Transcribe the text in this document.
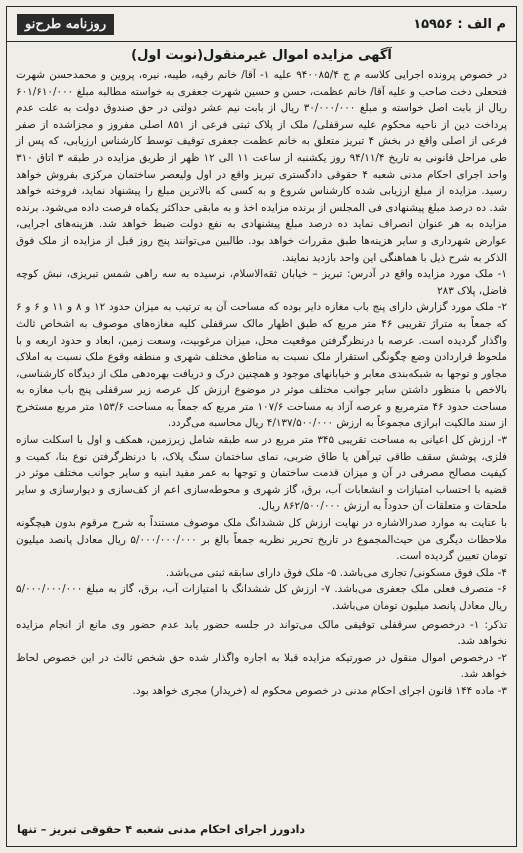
م الف : ۱۵۹۵۶
روزنامه طرح‌نو
آگهی مزایده اموال غیرمنقول(نوبت اول)

در خصوص پرونده اجرایی کلاسه م ج ۹۴۰۰۸۵/۴ علیه ۱- آقا/ خانم رقیه، طیبه، نیره، پروین و محمدحسن شهرت فتحعلی دخت صاحب و علیه آقا/ خانم عظمت، حسن و حسین شهرت جعفری به خواسته مطالبه مبلغ ۶۰۱/۶۱۰/۰۰۰ ریال از بابت اصل خواسته و مبلغ ۳۰/۰۰۰/۰۰۰ ریال از بابت نیم عشر دولتی در حق صندوق دولت به علت عدم پرداخت دین از ناحیه محکوم علیه سرقفلی/ ملک از پلاک ثبتی فرعی از ۸۵۱ اصلی مفروز و مجزاشده از صفر فرعی از اصلی واقع در بخش ۴ تبریز متعلق به خانم عظمت جعفری توقیف توسط کارشناس ارزیابی، که پس از طی مراحل قانونی به تاریخ ۹۴/۱۱/۴ روز یکشنبه از ساعت ۱۱ الی ۱۲ ظهر از طریق مزایده در طبقه ۳ اتاق ۳۱۰ واحد اجرای احکام مدنی شعبه ۴ حقوقی دادگستری تبریز واقع در اول ولیعصر ساختمان مرکزی بفروش خواهد رسید. مزایده از مبلغ ارزیابی شده کارشناس شروع و به کسی که بالاترین مبلغ را پیشنهاد نماید، فروخته خواهد شد. ده درصد مبلغ پیشنهادی فی المجلس از برنده مزایده اخذ و به مابقی حداکثر یکماه فرصت داده می‌شود. برنده مزایده به هر عنوان انصراف نماید ده درصد مبلغ پیشنهادی به نفع دولت ضبط خواهد شد. هزینه‌های اجرایی، عوارض شهرداری و سایر هزینه‌ها طبق مقررات خواهد بود. طالبین می‌توانند پنج روز قبل از مزایده از ملک فوق الذکر به شرح ذیل با هماهنگی این واحد بازدید نمایند.

۱- ملک مورد مزایده واقع در آدرس: تبریز – خیابان ثقه‌الاسلام، نرسیده به سه راهی شمس تبریزی، نبش کوچه فاضل، پلاک ۲۸۳

۲- ملک مورد گزارش دارای پنج باب مغازه دایر بوده که مساحت آن به ترتیب به میزان حدود ۱۲ و ۸ و ۱۱ و ۶ و ۶ که جمعاً به متراژ تقریبی ۴۶ متر مربع که طبق اظهار مالک سرقفلی کلیه مغازه‌های موصوف به اشخاص ثالث واگذار گردیده است. عرصه با درنظرگرفتن موقعیت محل، میزان مرغوبیت، وسعت زمین، ابعاد و حدود اربعه و با ملحوظ قراردادن وضع چگونگی استقرار ملک نسبت به مناطق مختلف شهری و منطقه وقوع ملک نسبت به املاک مجاور و توجها به شبکه‌بندی معابر و خیابانهای موجود و همچنین درک و دریافت بهره‌دهی ملک از دیدگاه کارشناسی، بالاخص با منظور داشتن سایر جوانب مختلف موثر در موضوع ارزش کل عرصه زیر سرقفلی پنج باب مغازه به مساحت حدود ۴۶ مترمربع و عرصه آزاد به مساحت ۱۰۷/۶ متر مربع که جمعاً به مساحت ۱۵۳/۶ متر مربع مستخرج از سند مالکیت ابرازی مجموعاً به ارزش ۴/۱۳۷/۵۰۰/۰۰۰ ریال محاسبه می‌گردد.

۳- ارزش کل اعیانی به مساحت تقریبی ۳۴۵ متر مربع در سه طبقه شامل زیرزمین، همکف و اول با اسکلت سازه فلزی، پوشش سقف طاقی تیرآهن یا طاق ضربی، نمای ساختمان سنگ پلاک، با درنظرگرفتن نوع بنا، کمیت و کیفیت مصالح مصرفی در آن و میزان قدمت ساختمان و توجها به عمر مفید ابنیه و سایر جوانب مختلف موثر در قضیه با احتساب امتیازات و انشعابات آب، برق، گاز شهری و محوطه‌سازی اعم از کف‌سازی و دیوارسازی و سایر ملحقات و متعلقات آن حدوداً به ارزش ۸۶۲/۵۰۰/۰۰۰ ریال.

با عنایت به موارد صدرالاشاره در نهایت ارزش کل ششدانگ ملک موصوف مستنداً به شرح مرقوم بدون هیچگونه ملاحظات دیگری من حیث‌المجموع در تاریخ تحریر نظریه جمعاً بالغ بر ۵/۰۰۰/۰۰۰/۰۰۰ ریال معادل پانصد میلیون تومان تعیین گردیده است.

۴- ملک فوق مسکونی/ تجاری می‌باشد. ۵- ملک فوق دارای سابقه ثبتی می‌باشد.

۶- متصرف فعلی ملک جعفری می‌باشد. ۷- ارزش کل ششدانگ با امتیازات آب، برق، گاز به مبلغ ۵/۰۰۰/۰۰۰/۰۰۰ ریال معادل پانصد میلیون تومان می‌باشد.

تذکر: ۱- درخصوص سرقفلی توقیفی مالک می‌تواند در جلسه حضور یابد عدم حضور وی مانع از انجام مزایده نخواهد شد.

۲- درخصوص اموال منقول در صورتیکه مزایده قبلا به اجاره واگذار شده حق شخص ثالث در این خصوص لحاظ خواهد شد.

۳- ماده ۱۴۴ قانون اجرای احکام مدنی در خصوص محکوم له (خریدار) مجری خواهد بود.

دادورز اجرای احکام مدنی شعبه ۴ حقوقی تبریز – تنها
